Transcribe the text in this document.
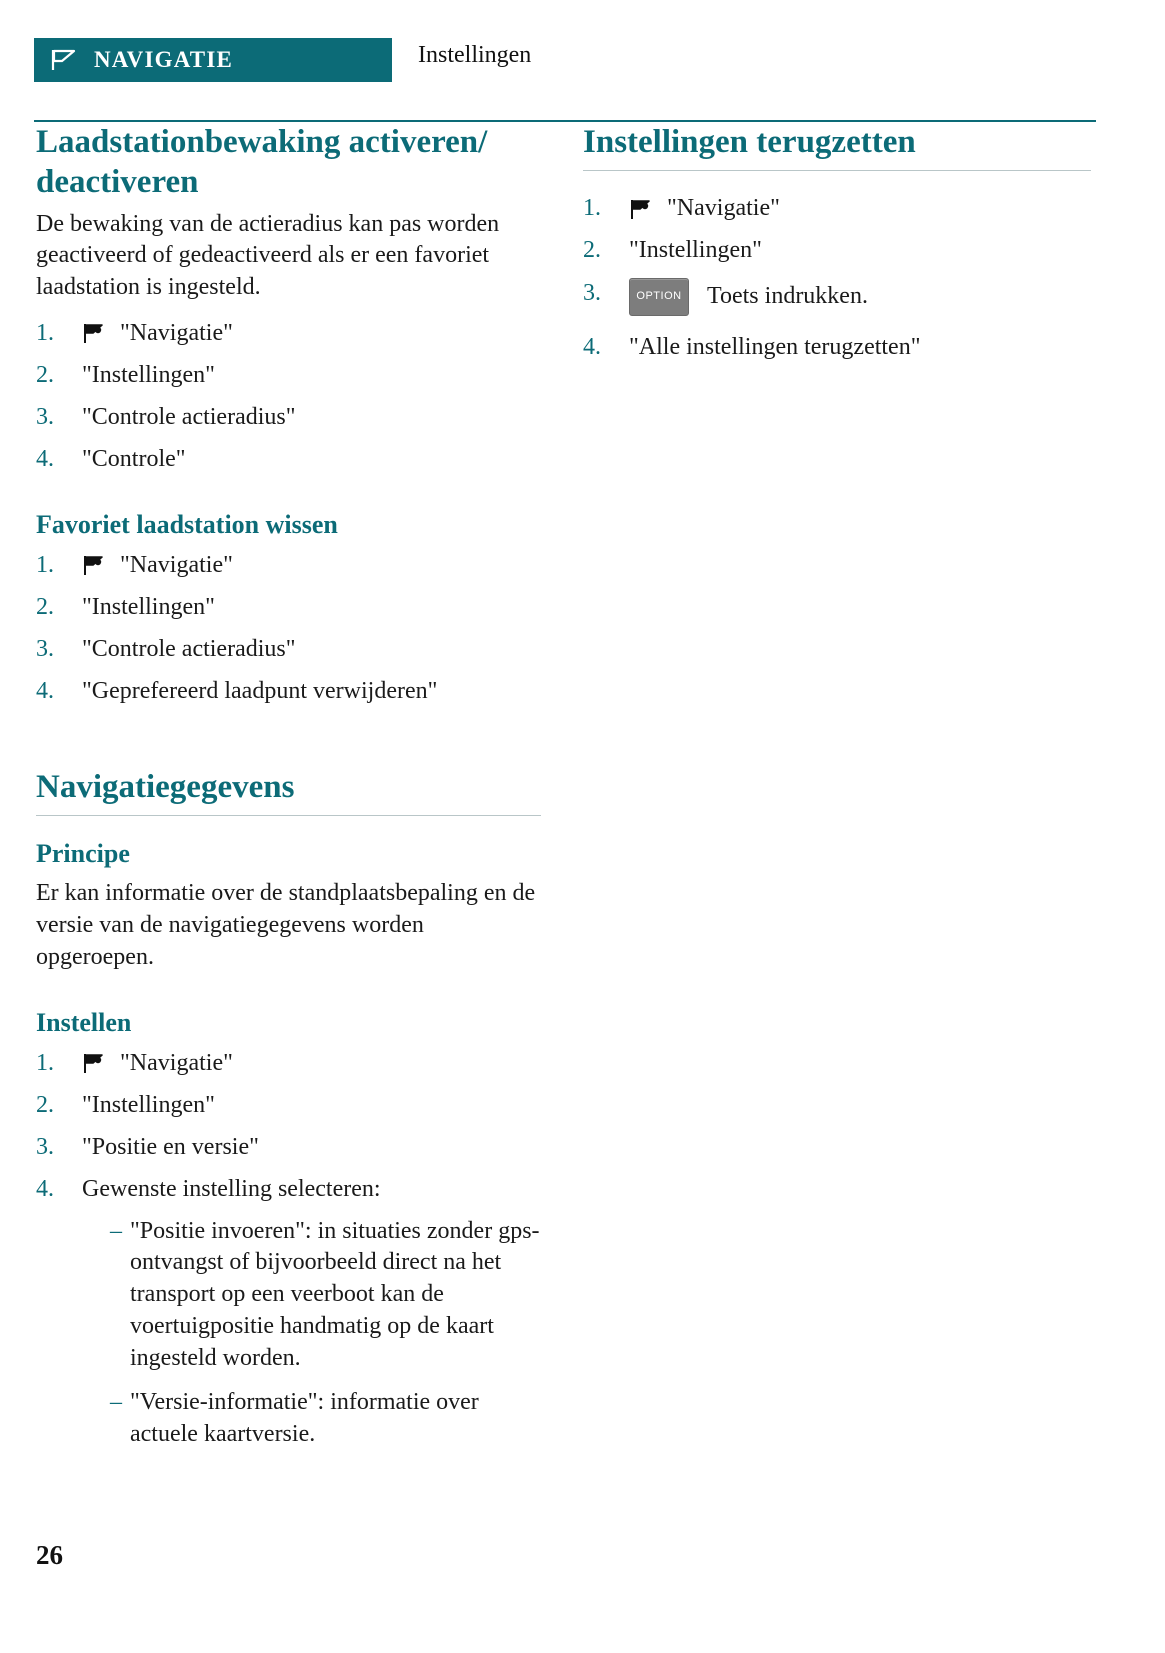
NAVIGATIE	Instellingen
Laadstationbewaking activeren/ deactiveren

De bewaking van de actieradius kan pas worden geactiveerd of gedeactiveerd als er een favoriet laadstation is ingesteld.

1.	"Navigatie"
2. "Instellingen"
3. "Controle actieradius"
4. "Controle"
Favoriet laadstation wissen
1.	"Navigatie"
2. "Instellingen"
3. "Controle actieradius"
4. "Geprefereerd laadpunt verwijderen"
Navigatiegegevens
Principe

Er kan informatie over de standplaatsbepaling en de versie van de navigatiegegevens worden opgeroepen.

Instellen
1.	"Navigatie"
2. "Instellingen"
3. "Positie en versie"
4. Gewenste instelling selecteren:
– "Positie invoeren": in situaties zonder gps-ontvangst of bijvoorbeeld direct na het transport op een veerboot kan de voertuigpositie handmatig op de kaart ingesteld worden.
– "Versie-informatie": informatie over actuele kaartversie.
Instellingen terugzetten
1.	"Navigatie"
2. "Instellingen"
3.	OPTION	Toets indrukken.
4. "Alle instellingen terugzetten"
26
